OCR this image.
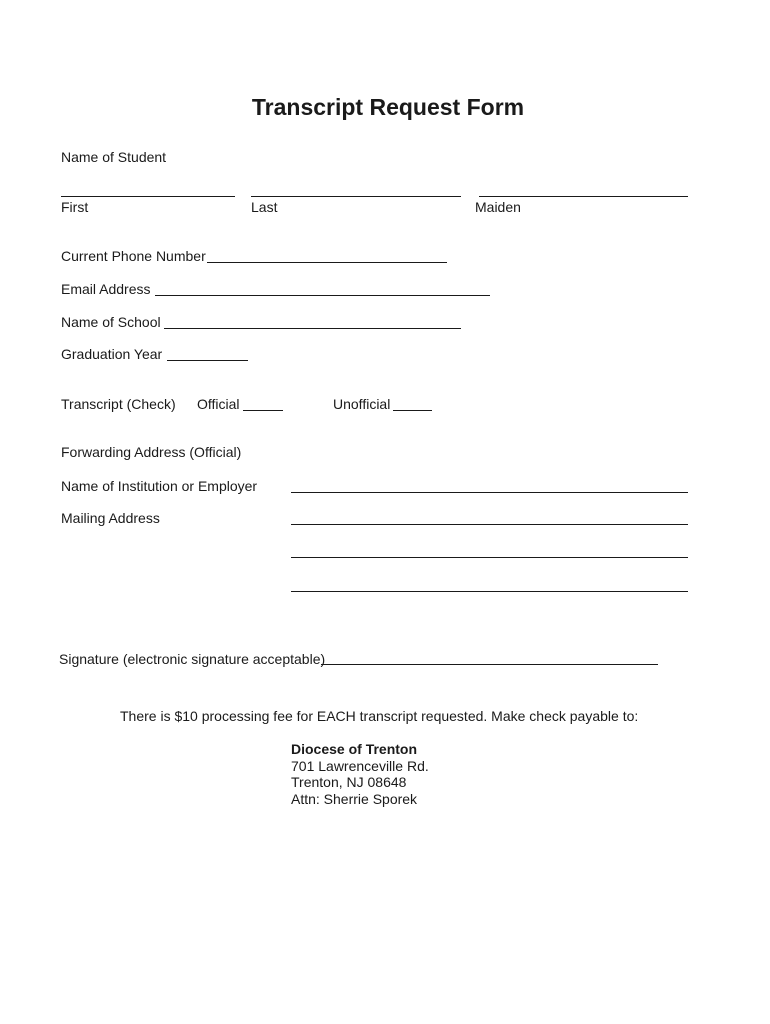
Transcript Request Form
Name of Student
First	Last	Maiden
Current Phone Number
Email Address
Name of School
Graduation Year
Transcript (Check) Official	Unofficial
Forwarding Address (Official)
Name of Institution or Employer
Mailing Address
Signature (electronic signature acceptable)
There is $10 processing fee for EACH transcript requested. Make check payable to:
Diocese of Trenton
701 Lawrenceville Rd.
Trenton, NJ 08648
Attn: Sherrie Sporek
